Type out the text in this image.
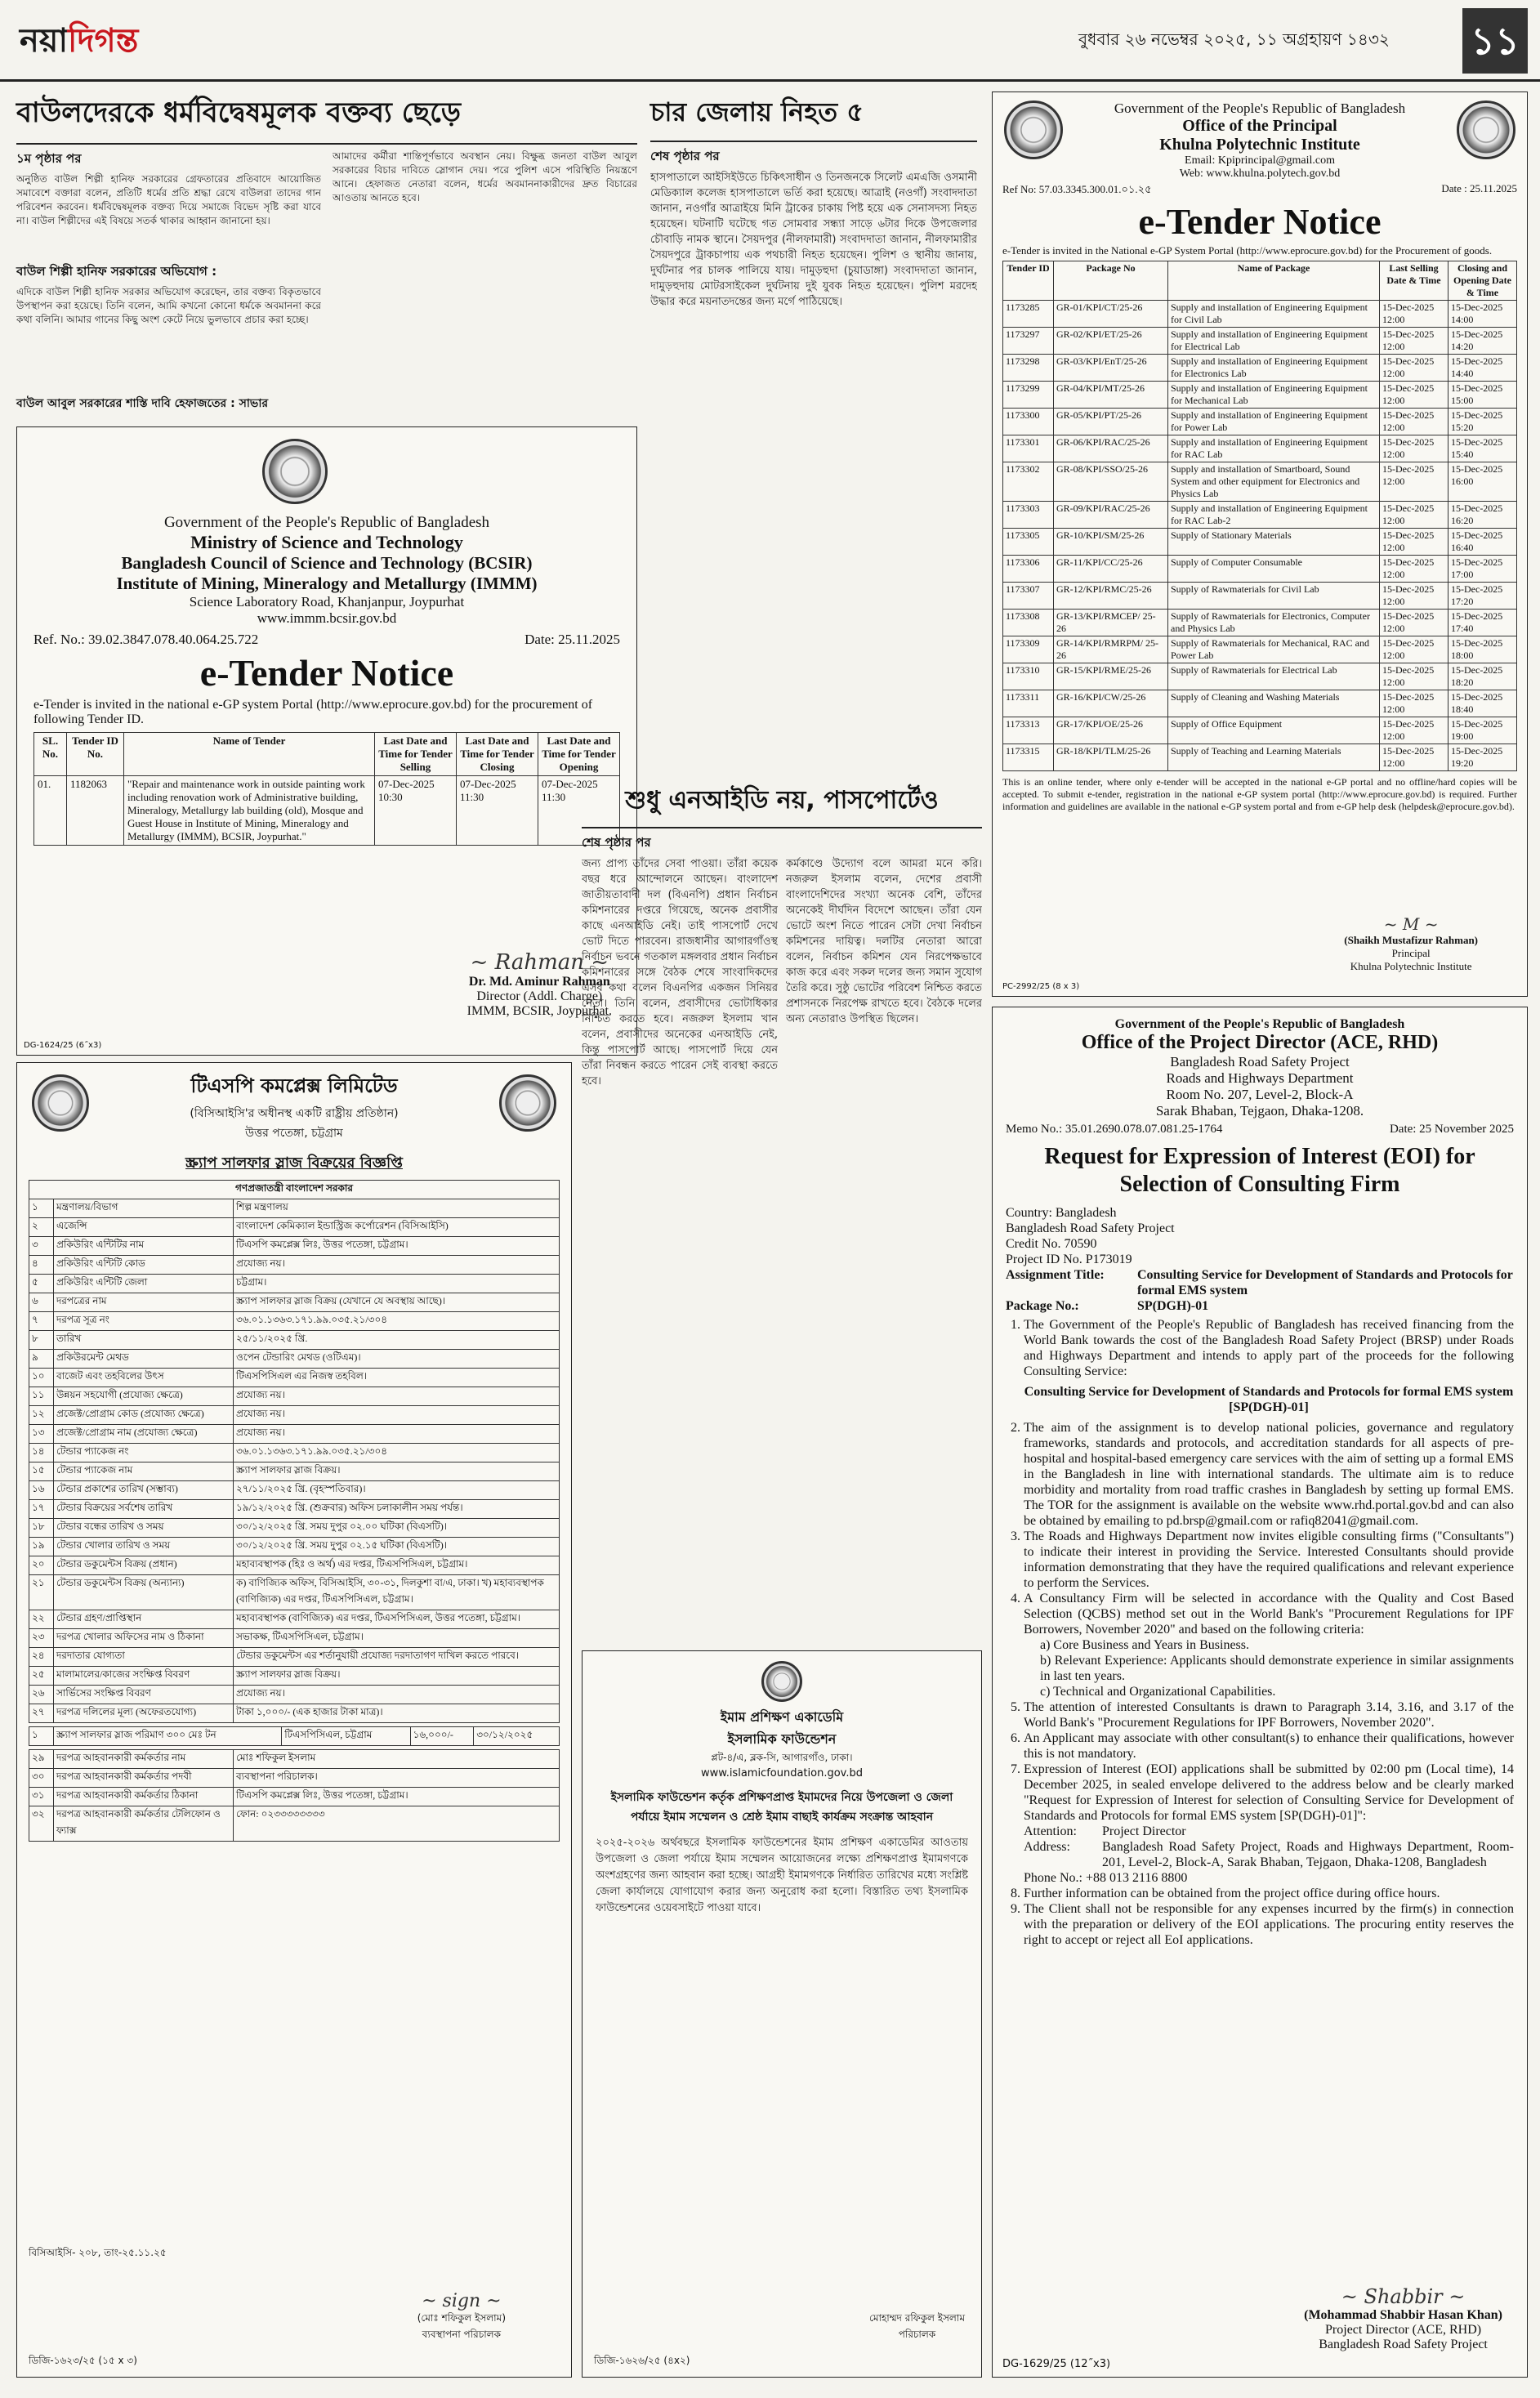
নয়াদিগন্ত	বুধবার ২৬ নভেম্বর ২০২৫, ১১ অগ্রহায়ণ ১৪৩২ ১১
বাউলদেরকে ধর্মবিদ্বেষমূলক বক্তব্য ছেড়ে
১ম পৃষ্ঠার পর
অনুষ্ঠিত বাউল শিল্পী হানিফ সরকারের গ্রেফতারের প্রতিবাদে আয়োজিত সমাবেশে বক্তারা বলেন, প্রতিটি ধর্মের প্রতি শ্রদ্ধা রেখে বাউলরা তাদের গান পরিবেশন করবেন। ধর্মবিদ্বেষমূলক বক্তব্য দিয়ে সমাজে বিভেদ সৃষ্টি করা যাবে না। বাউল শিল্পীদের এই বিষয়ে সতর্ক থাকার আহ্বান জানানো হয়।
বাউল শিল্পী হানিফ সরকারের অভিযোগ :
এদিকে বাউল শিল্পী হানিফ সরকার অভিযোগ করেছেন, তার বক্তব্য বিকৃতভাবে উপস্থাপন করা হয়েছে। তিনি বলেন, আমি কখনো কোনো ধর্মকে অবমাননা করে কথা বলিনি। আমার গানের কিছু অংশ কেটে নিয়ে ভুলভাবে প্রচার করা হচ্ছে।
আমাদের কর্মীরা শান্তিপূর্ণভাবে অবস্থান নেয়। বিক্ষুব্ধ জনতা বাউল আবুল সরকারের বিচার দাবিতে স্লোগান দেয়। পরে পুলিশ এসে পরিস্থিতি নিয়ন্ত্রণে আনে। হেফাজত নেতারা বলেন, ধর্মের অবমাননাকারীদের দ্রুত বিচারের আওতায় আনতে হবে।
বাউল আবুল সরকারের শাস্তি দাবি হেফাজতের : সাভার
Government of the People's Republic of Bangladesh
Ministry of Science and Technology
Bangladesh Council of Science and Technology (BCSIR)
Institute of Mining, Mineralogy and Metallurgy (IMMM)
Science Laboratory Road, Khanjanpur, Joypurhat
www.immm.bcsir.gov.bd
Ref. No.: 39.02.3847.078.40.064.25.722	Date: 25.11.2025
e-Tender Notice
e-Tender is invited in the national e-GP system Portal (http://www.eprocure.gov.bd) for the procurement of following Tender ID.
SL. No.	Tender ID No.	Name of Tender	Last Date and Time for Tender Selling	Last Date and Time for Tender Closing	Last Date and Time for Tender Opening
01.	1182063	"Repair and maintenance work in outside painting work including renovation work of Administrative building, Mineralogy, Metallurgy lab building (old), Mosque and Guest House in Institute of Mining, Mineralogy and Metallurgy (IMMM), BCSIR, Joypurhat."	07-Dec-2025 10:30	07-Dec-2025 11:30	07-Dec-2025 11:30
~ Rahman ~
Dr. Md. Aminur Rahman
Director (Addl. Charge)
IMMM, BCSIR, Joypurhat.
DG-1624/25 (6˝x3)
টিএসপি কমপ্লেক্স লিমিটেড
(বিসিআইসি'র অধীনস্থ একটি রাষ্ট্রীয় প্রতিষ্ঠান)
উত্তর পতেঙ্গা, চট্টগ্রাম
স্ক্র্যাপ সালফার স্লাজ বিক্রয়ের বিজ্ঞপ্তি
গণপ্রজাতন্ত্রী বাংলাদেশ সরকার		
১	মন্ত্রণালয়/বিভাগ	শিল্প মন্ত্রণালয়
২	এজেন্সি	বাংলাদেশ কেমিক্যাল ইন্ডাস্ট্রিজ কর্পোরেশন (বিসিআইসি)
৩	প্রকিউরিং এন্টিটির নাম	টিএসপি কমপ্লেক্স লিঃ, উত্তর পতেঙ্গা, চট্টগ্রাম।
৪	প্রকিউরিং এন্টিটি কোড	প্রযোজ্য নয়।
৫	প্রকিউরিং এন্টিটি জেলা	চট্টগ্রাম।
৬	দরপত্রের নাম	স্ক্র্যাপ সালফার স্লাজ বিক্রয় (যেখানে যে অবস্থায় আছে)।
৭	দরপত্র সূত্র নং	৩৬.০১.১৩৬৩.১৭১.৯৯.০৩৫.২১/৩০৪
৮	তারিখ	২৫/১১/২০২৫ খ্রি.
৯	প্রকিউরমেন্ট মেথড	ওপেন টেন্ডারিং মেথড (ওটিএম)।
১০	বাজেট এবং তহবিলের উৎস	টিএসপিসিএল এর নিজস্ব তহবিল।
১১	উন্নয়ন সহযোগী (প্রযোজ্য ক্ষেত্রে)	প্রযোজ্য নয়।
১২	প্রজেক্ট/প্রোগ্রাম কোড (প্রযোজ্য ক্ষেত্রে)	প্রযোজ্য নয়।
১৩	প্রজেক্ট/প্রোগ্রাম নাম (প্রযোজ্য ক্ষেত্রে)	প্রযোজ্য নয়।
১৪	টেন্ডার প্যাকেজ নং	৩৬.০১.১৩৬৩.১৭১.৯৯.০৩৫.২১/৩০৪
১৫	টেন্ডার প্যাকেজ নাম	স্ক্র্যাপ সালফার স্লাজ বিক্রয়।
১৬	টেন্ডার প্রকাশের তারিখ (সম্ভাব্য)	২৭/১১/২০২৫ খ্রি. (বৃহস্পতিবার)।
১৭	টেন্ডার বিক্রয়ের সর্বশেষ তারিখ	১৯/১২/২০২৫ খ্রি. (শুক্রবার) অফিস চলাকালীন সময় পর্যন্ত।
১৮	টেন্ডার বন্ধের তারিখ ও সময়	৩০/১২/২০২৫ খ্রি. সময় দুপুর ০২.০০ ঘটিকা (বিএসটি)।
১৯	টেন্ডার খোলার তারিখ ও সময়	৩০/১২/২০২৫ খ্রি. সময় দুপুর ০২.১৫ ঘটিকা (বিএসটি)।
২০	টেন্ডার ডকুমেন্টস বিক্রয় (প্রধান)	মহাব্যবস্থাপক (হিঃ ও অর্থ) এর দপ্তর, টিএসপিসিএল, চট্টগ্রাম।
২১	টেন্ডার ডকুমেন্টস বিক্রয় (অন্যান্য)	ক) বাণিজ্যিক অফিস, বিসিআইসি, ৩০-৩১, দিলকুশা বা/এ, ঢাকা। খ) মহাব্যবস্থাপক (বাণিজ্যিক) এর দপ্তর, টিএসপিসিএল, চট্টগ্রাম।
২২	টেন্ডার গ্রহণ/প্রাপ্তিস্থান	মহাব্যবস্থাপক (বাণিজ্যিক) এর দপ্তর, টিএসপিসিএল, উত্তর পতেঙ্গা, চট্টগ্রাম।
২৩	দরপত্র খোলার অফিসের নাম ও ঠিকানা	সভাকক্ষ, টিএসপিসিএল, চট্টগ্রাম।
২৪	দরদাতার যোগ্যতা	টেন্ডার ডকুমেন্টস এর শর্তানুযায়ী প্রযোজ্য দরদাতাগণ দাখিল করতে পারবে।
২৫	মালামালের/কাজের সংক্ষিপ্ত বিবরণ	স্ক্র্যাপ সালফার স্লাজ বিক্রয়।
২৬	সার্ভিসের সংক্ষিপ্ত বিবরণ	প্রযোজ্য নয়।
২৭	দরপত্র দলিলের মূল্য (অফেরতযোগ্য)	টাকা ১,০০০/- (এক হাজার টাকা মাত্র)।
১	স্ক্র্যাপ সালফার স্লাজ পরিমাণ ৩০০ মেঃ টন	টিএসপিসিএল, চট্টগ্রাম	১৬,০০০/-	৩০/১২/২০২৫
২৯	দরপত্র আহবানকারী কর্মকর্তার নাম	মোঃ শফিকুল ইসলাম
৩০	দরপত্র আহবানকারী কর্মকর্তার পদবী	ব্যবস্থাপনা পরিচালক।
৩১	দরপত্র আহবানকারী কর্মকর্তার ঠিকানা	টিএসপি কমপ্লেক্স লিঃ, উত্তর পতেঙ্গা, চট্টগ্রাম।
৩২	দরপত্র আহবানকারী কর্মকর্তার টেলিফোন ও ফ্যাক্স	ফোন: ০২৩৩৩৩৩৩৩৩
বিসিআইসি- ২০৮, তাং-২৫.১১.২৫
~ sign ~
(মোঃ শফিকুল ইসলাম)
ব্যবস্থাপনা পরিচালক
ডিজি-১৬২৩/২৫ (১৫ x ৩)
চার জেলায় নিহত ৫
শেষ পৃষ্ঠার পর
হাসপাতালে আইসিইউতে চিকিৎসাধীন ও তিনজনকে সিলেট এমএজি ওসমানী মেডিক্যাল কলেজ হাসপাতালে ভর্তি করা হয়েছে। আত্রাই (নওগাঁ) সংবাদদাতা জানান, নওগাঁর আত্রাইয়ে মিনি ট্রাকের চাকায় পিষ্ট হয়ে এক সেনাসদস্য নিহত হয়েছেন। ঘটনাটি ঘটেছে গত সোমবার সন্ধ্যা সাড়ে ৬টার দিকে উপজেলার চৌবাড়ি নামক স্থানে। সৈয়দপুর (নীলফামারী) সংবাদদাতা জানান, নীলফামারীর সৈয়দপুরে ট্রাকচাপায় এক পথচারী নিহত হয়েছেন। পুলিশ ও স্থানীয় জানায়, দুর্ঘটনার পর চালক পালিয়ে যায়। দামুড়হুদা (চুয়াডাঙ্গা) সংবাদদাতা জানান, দামুড়হুদায় মোটরসাইকেল দুর্ঘটনায় দুই যুবক নিহত হয়েছেন। পুলিশ মরদেহ উদ্ধার করে ময়নাতদন্তের জন্য মর্গে পাঠিয়েছে।
শুধু এনআইডি নয়, পাসপোর্টেও
শেষ পৃষ্ঠার পর
জন্য প্রাপ্য তাঁদের সেবা পাওয়া। তাঁরা কয়েক বছর ধরে আন্দোলনে আছেন। বাংলাদেশ জাতীয়তাবাদী দল (বিএনপি) প্রধান নির্বাচন কমিশনারের দপ্তরে গিয়েছে, অনেক প্রবাসীর কাছে এনআইডি নেই। তাই পাসপোর্ট দেখে ভোট দিতে পারবেন। রাজধানীর আগারগাঁওস্থ নির্বাচন ভবনে গতকাল মঙ্গলবার প্রধান নির্বাচন কমিশনারের সঙ্গে বৈঠক শেষে সাংবাদিকদের এসব কথা বলেন বিএনপির একজন সিনিয়র নেতা। তিনি বলেন, প্রবাসীদের ভোটাধিকার নিশ্চিত করতে হবে। নজরুল ইসলাম খান বলেন, প্রবাসীদের অনেকের এনআইডি নেই, কিন্তু পাসপোর্ট আছে। পাসপোর্ট দিয়ে যেন তাঁরা নিবন্ধন করতে পারেন সেই ব্যবস্থা করতে হবে।
কর্মকাণ্ডে উদ্যোগ বলে আমরা মনে করি। নজরুল ইসলাম বলেন, দেশের প্রবাসী বাংলাদেশিদের সংখ্যা অনেক বেশি, তাঁদের অনেকেই দীর্ঘদিন বিদেশে আছেন। তাঁরা যেন ভোটে অংশ নিতে পারেন সেটা দেখা নির্বাচন কমিশনের দায়িত্ব। দলটির নেতারা আরো বলেন, নির্বাচন কমিশন যেন নিরপেক্ষভাবে কাজ করে এবং সকল দলের জন্য সমান সুযোগ তৈরি করে। সুষ্ঠু ভোটের পরিবেশ নিশ্চিত করতে প্রশাসনকে নিরপেক্ষ রাখতে হবে। বৈঠকে দলের অন্য নেতারাও উপস্থিত ছিলেন।
ইমাম প্রশিক্ষণ একাডেমি
ইসলামিক ফাউন্ডেশন
প্লট-৪/এ, ব্লক-সি, আগারগাঁও, ঢাকা।
www.islamicfoundation.gov.bd
ইসলামিক ফাউন্ডেশন কর্তৃক প্রশিক্ষণপ্রাপ্ত ইমামদের নিয়ে উপজেলা ও জেলা পর্যায়ে ইমাম সম্মেলন ও শ্রেষ্ঠ ইমাম বাছাই কার্যক্রম সংক্রান্ত আহবান
২০২৫-২০২৬ অর্থবছরে ইসলামিক ফাউন্ডেশনের ইমাম প্রশিক্ষণ একাডেমির আওতায় উপজেলা ও জেলা পর্যায়ে ইমাম সম্মেলন আয়োজনের লক্ষ্যে প্রশিক্ষণপ্রাপ্ত ইমামগণকে অংশগ্রহণের জন্য আহবান করা হচ্ছে। আগ্রহী ইমামগণকে নির্ধারিত তারিখের মধ্যে সংশ্লিষ্ট জেলা কার্যালয়ে যোগাযোগ করার জন্য অনুরোধ করা হলো। বিস্তারিত তথ্য ইসলামিক ফাউন্ডেশনের ওয়েবসাইটে পাওয়া যাবে।
মোহাম্মদ রফিকুল ইসলাম
পরিচালক
ডিজি-১৬২৬/২৫ (৪x২)
Government of the People's Republic of Bangladesh
Office of the Principal
Khulna Polytechnic Institute
Email: Kpiprincipal@gmail.com
Web: www.khulna.polytech.gov.bd
Ref No: 57.03.3345.300.01.০১.২৫	Date : 25.11.2025
e-Tender Notice
e-Tender is invited in the National e-GP System Portal (http://www.eprocure.gov.bd) for the Procurement of goods.
Tender ID	Package No	Name of Package	Last Selling Date & Time	Closing and Opening Date & Time
1173285	GR-01/KPI/CT/25-26	Supply and installation of Engineering Equipment for Civil Lab	15-Dec-2025 12:00	15-Dec-2025 14:00
1173297	GR-02/KPI/ET/25-26	Supply and installation of Engineering Equipment for Electrical Lab	15-Dec-2025 12:00	15-Dec-2025 14:20
1173298	GR-03/KPI/EnT/25-26	Supply and installation of Engineering Equipment for Electronics Lab	15-Dec-2025 12:00	15-Dec-2025 14:40
1173299	GR-04/KPI/MT/25-26	Supply and installation of Engineering Equipment for Mechanical Lab	15-Dec-2025 12:00	15-Dec-2025 15:00
1173300	GR-05/KPI/PT/25-26	Supply and installation of Engineering Equipment for Power Lab	15-Dec-2025 12:00	15-Dec-2025 15:20
1173301	GR-06/KPI/RAC/25-26	Supply and installation of Engineering Equipment for RAC Lab	15-Dec-2025 12:00	15-Dec-2025 15:40
1173302	GR-08/KPI/SSO/25-26	Supply and installation of Smartboard, Sound System and other equipment for Electronics and Physics Lab	15-Dec-2025 12:00	15-Dec-2025 16:00
1173303	GR-09/KPI/RAC/25-26	Supply and installation of Engineering Equipment for RAC Lab-2	15-Dec-2025 12:00	15-Dec-2025 16:20
1173305	GR-10/KPI/SM/25-26	Supply of Stationary Materials	15-Dec-2025 12:00	15-Dec-2025 16:40
1173306	GR-11/KPI/CC/25-26	Supply of Computer Consumable	15-Dec-2025 12:00	15-Dec-2025 17:00
1173307	GR-12/KPI/RMC/25-26	Supply of Rawmaterials for Civil Lab	15-Dec-2025 12:00	15-Dec-2025 17:20
1173308	GR-13/KPI/RMCEP/ 25-26	Supply of Rawmaterials for Electronics, Computer and Physics Lab	15-Dec-2025 12:00	15-Dec-2025 17:40
1173309	GR-14/KPI/RMRPM/ 25-26	Supply of Rawmaterials for Mechanical, RAC and Power Lab	15-Dec-2025 12:00	15-Dec-2025 18:00
1173310	GR-15/KPI/RME/25-26	Supply of Rawmaterials for Electrical Lab	15-Dec-2025 12:00	15-Dec-2025 18:20
1173311	GR-16/KPI/CW/25-26	Supply of Cleaning and Washing Materials	15-Dec-2025 12:00	15-Dec-2025 18:40
1173313	GR-17/KPI/OE/25-26	Supply of Office Equipment	15-Dec-2025 12:00	15-Dec-2025 19:00
1173315	GR-18/KPI/TLM/25-26	Supply of Teaching and Learning Materials	15-Dec-2025 12:00	15-Dec-2025 19:20
This is an online tender, where only e-tender will be accepted in the national e-GP portal and no offline/hard copies will be accepted. To submit e-tender, registration in the national e-GP system portal (http://www.eprocure.gov.bd) is required. Further information and guidelines are available in the national e-GP system portal and from e-GP help desk (helpdesk@eprocure.gov.bd).
~ M ~
(Shaikh Mustafizur Rahman)
Principal
Khulna Polytechnic Institute
PC-2992/25 (8 x 3)
Government of the People's Republic of Bangladesh
Office of the Project Director (ACE, RHD)
Bangladesh Road Safety Project
Roads and Highways Department
Room No. 207, Level-2, Block-A
Sarak Bhaban, Tejgaon, Dhaka-1208.
Memo No.: 35.01.2690.078.07.081.25-1764	Date: 25 November 2025
Request for Expression of Interest (EOI) for Selection of Consulting Firm
Country: Bangladesh
Bangladesh Road Safety Project
Credit No. 70590
Project ID No. P173019
Assignment Title:	Consulting Service for Development of Standards and Protocols for formal EMS system
Package No.:	SP(DGH)-01
1. The Government of the People's Republic of Bangladesh has received financing from the World Bank towards the cost of the Bangladesh Road Safety Project (BRSP) under Roads and Highways Department and intends to apply part of the proceeds for the following Consulting Service:
Consulting Service for Development of Standards and Protocols for formal EMS system [SP(DGH)-01]
2. The aim of the assignment is to develop national policies, governance and regulatory frameworks, standards and protocols, and accreditation standards for all aspects of pre-hospital and hospital-based emergency care services with the aim of setting up a formal EMS in the Bangladesh in line with international standards. The ultimate aim is to reduce morbidity and mortality from road traffic crashes in Bangladesh by setting up formal EMS. The TOR for the assignment is available on the website www.rhd.portal.gov.bd and can also be obtained by emailing to pd.brsp@gmail.com or rafiq82041@gmail.com.
3. The Roads and Highways Department now invites eligible consulting firms ("Consultants") to indicate their interest in providing the Service. Interested Consultants should provide information demonstrating that they have the required qualifications and relevant experience to perform the Services.
4. A Consultancy Firm will be selected in accordance with the Quality and Cost Based Selection (QCBS) method set out in the World Bank's "Procurement Regulations for IPF Borrowers, November 2020" and based on the following criteria:
a) Core Business and Years in Business.
b) Relevant Experience: Applicants should demonstrate experience in similar assignments in last ten years.
c) Technical and Organizational Capabilities.
5. The attention of interested Consultants is drawn to Paragraph 3.14, 3.16, and 3.17 of the World Bank's "Procurement Regulations for IPF Borrowers, November 2020".
6. An Applicant may associate with other consultant(s) to enhance their qualifications, however this is not mandatory.
7. Expression of Interest (EOI) applications shall be submitted by 02:00 pm (Local time), 14 December 2025, in sealed envelope delivered to the address below and be clearly marked "Request for Expression of Interest for selection of Consulting Service for Development of Standards and Protocols for formal EMS system [SP(DGH)-01]":
Attention:	Project Director
Address:	Bangladesh Road Safety Project, Roads and Highways Department, Room-201, Level-2, Block-A, Sarak Bhaban, Tejgaon, Dhaka-1208, Bangladesh
Phone No.: +88 013 2116 8800
8. Further information can be obtained from the project office during office hours.
9. The Client shall not be responsible for any expenses incurred by the firm(s) in connection with the preparation or delivery of the EOI applications. The procuring entity reserves the right to accept or reject all EoI applications.
~ Shabbir ~
(Mohammad Shabbir Hasan Khan)
Project Director (ACE, RHD)
Bangladesh Road Safety Project
DG-1629/25 (12˝x3)
